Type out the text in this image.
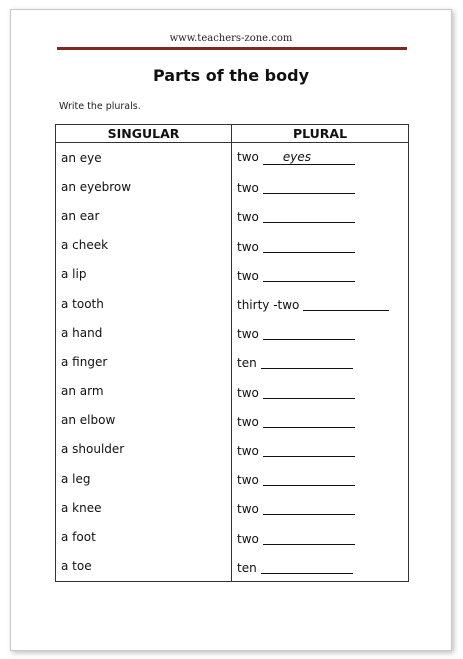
www.teachers-zone.com
Parts of the body
Write the plurals.
SINGULAR	PLURAL
an eye	two eyes
an eyebrow	two
an ear	two
a cheek	two
a lip	two
a tooth	thirty -two
a hand	two
a finger	ten
an arm	two
an elbow	two
a shoulder	two
a leg	two
a knee	two
a foot	two
a toe	ten
